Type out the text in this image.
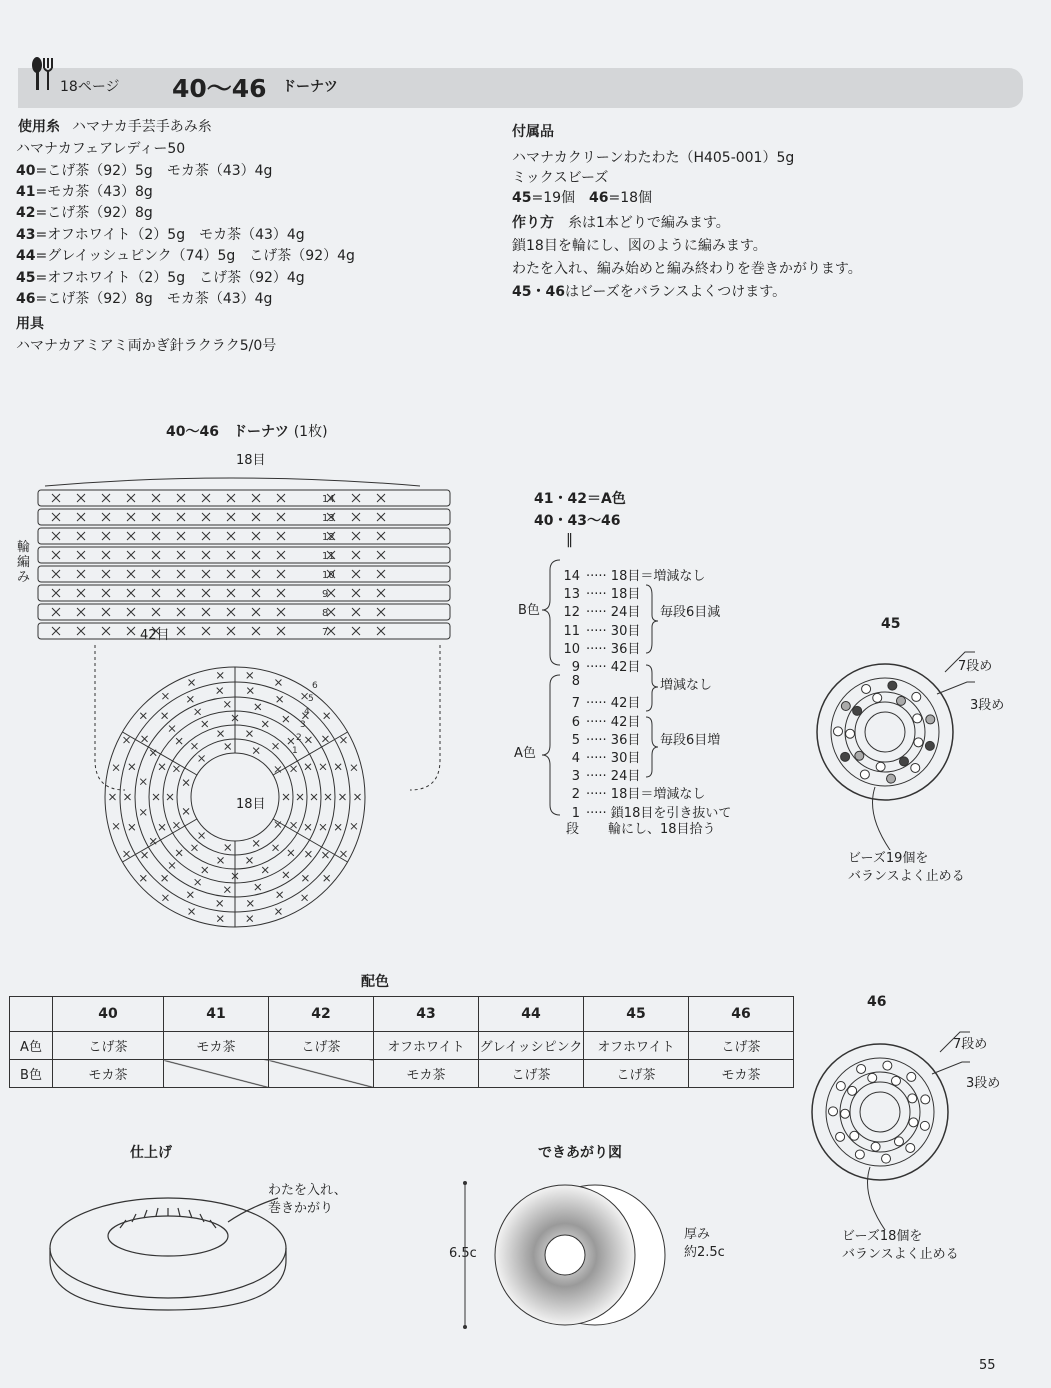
18ページ 40〜46 ドーナツ
使用糸 ハマナカ手芸手あみ糸
ハマナカフェアレディー50
40=こげ茶（92）5g　モカ茶（43）4g
41=モカ茶（43）8g
42=こげ茶（92）8g
43=オフホワイト（2）5g　モカ茶（43）4g
44=グレイッシュピンク（74）5g　こげ茶（92）4g
45=オフホワイト（2）5g　こげ茶（92）4g
46=こげ茶（92）8g　モカ茶（43）4g
用具
ハマナカアミアミ両かぎ針ラクラク5/0号
付属品
ハマナカクリーンわたわた（H405-001）5g
ミックスビーズ
45=19個　 46=18個
作り方　 糸は1本どりで編みます。
鎖18目を輪にし、図のように編みます。
わたを入れ、編み始めと編み終わりを巻きかがります。
45・46はビーズをバランスよくつけます。
40〜46　ドーナツ (1枚)
18目
42目
輪
編
み
18目
14
13
12
11
10
9
8
7
6
5
4
3
2
1
41・42＝A色
40・43〜46
‖
B色
A色
14 ····· 18目＝増減なし
13 ····· 18目
12 ····· 24目 毎段6目減
11 ····· 30目
10 ····· 36目
9 ····· 42目
8	増減なし
7 ····· 42目
6 ····· 42目
5 ····· 36目 毎段6目増
4 ····· 30目
3 ····· 24目
2 ····· 18目＝増減なし
1 ····· 鎖18目を引き抜いて
輪にし、18目拾う
段
45
7段め
3段め
ビーズ19個を
バランスよく止める
46
7段め
3段め
ビーズ18個を
バランスよく止める
配色
	40	41	42	43	44	45	46
A色	こげ茶	モカ茶	こげ茶	オフホワイト	グレイッシピンク	オフホワイト	こげ茶
B色	モカ茶			モカ茶	こげ茶	こげ茶	モカ茶
仕上げ
わたを入れ、
巻きかがり
できあがり図
6.5c
厚み
約2.5c
55
